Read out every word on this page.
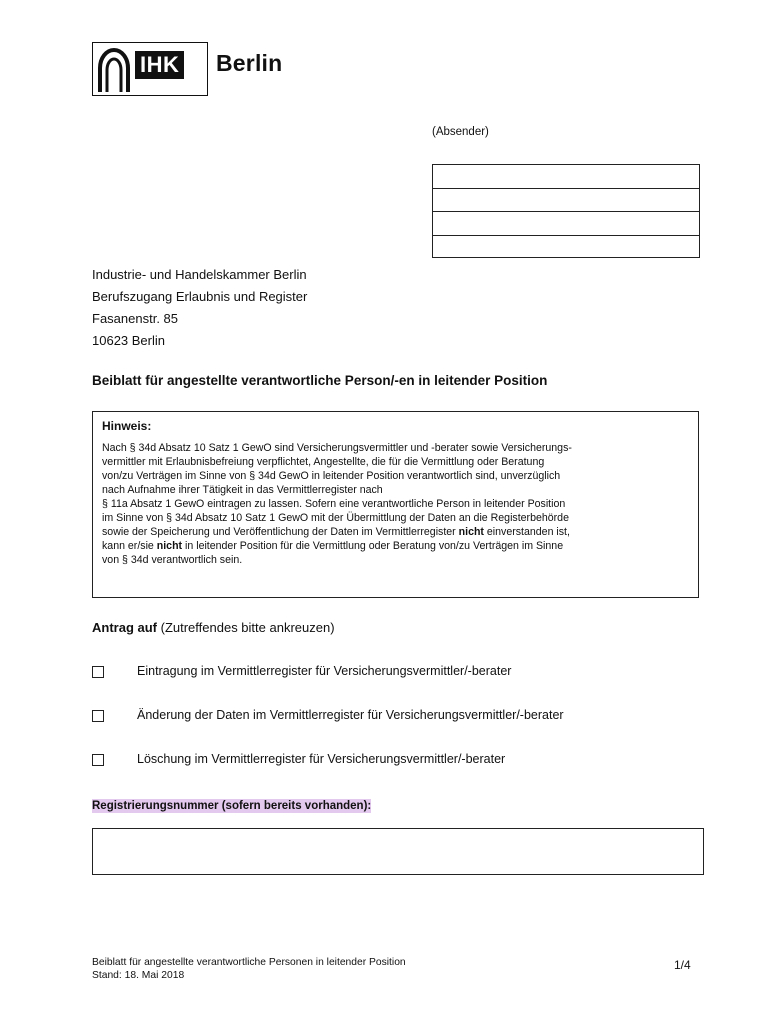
IHK Berlin
(Absender)
Industrie- und Handelskammer Berlin
Berufszugang Erlaubnis und Register
Fasanenstr. 85
10623 Berlin
Beiblatt für angestellte verantwortliche Person/-en in leitender Position
Hinweis:
Nach § 34d Absatz 10 Satz 1 GewO sind Versicherungsvermittler und -berater sowie Versicherungs-
vermittler mit Erlaubnisbefreiung verpflichtet, Angestellte, die für die Vermittlung oder Beratung
von/zu Verträgen im Sinne von § 34d GewO in leitender Position verantwortlich sind, unverzüglich
nach Aufnahme ihrer Tätigkeit in das Vermittlerregister nach
§ 11a Absatz 1 GewO eintragen zu lassen. Sofern eine verantwortliche Person in leitender Position
im Sinne von § 34d Absatz 10 Satz 1 GewO mit der Übermittlung der Daten an die Registerbehörde
sowie der Speicherung und Veröffentlichung der Daten im Vermittlerregister nicht einverstanden ist,
kann er/sie nicht in leitender Position für die Vermittlung oder Beratung von/zu Verträgen im Sinne
von § 34d verantwortlich sein.
Antrag auf (Zutreffendes bitte ankreuzen)
Eintragung im Vermittlerregister für Versicherungsvermittler/-berater
Änderung der Daten im Vermittlerregister für Versicherungsvermittler/-berater
Löschung im Vermittlerregister für Versicherungsvermittler/-berater
Registrierungsnummer (sofern bereits vorhanden):
Beiblatt für angestellte verantwortliche Personen in leitender Position
Stand: 18. Mai 2018
1/4
